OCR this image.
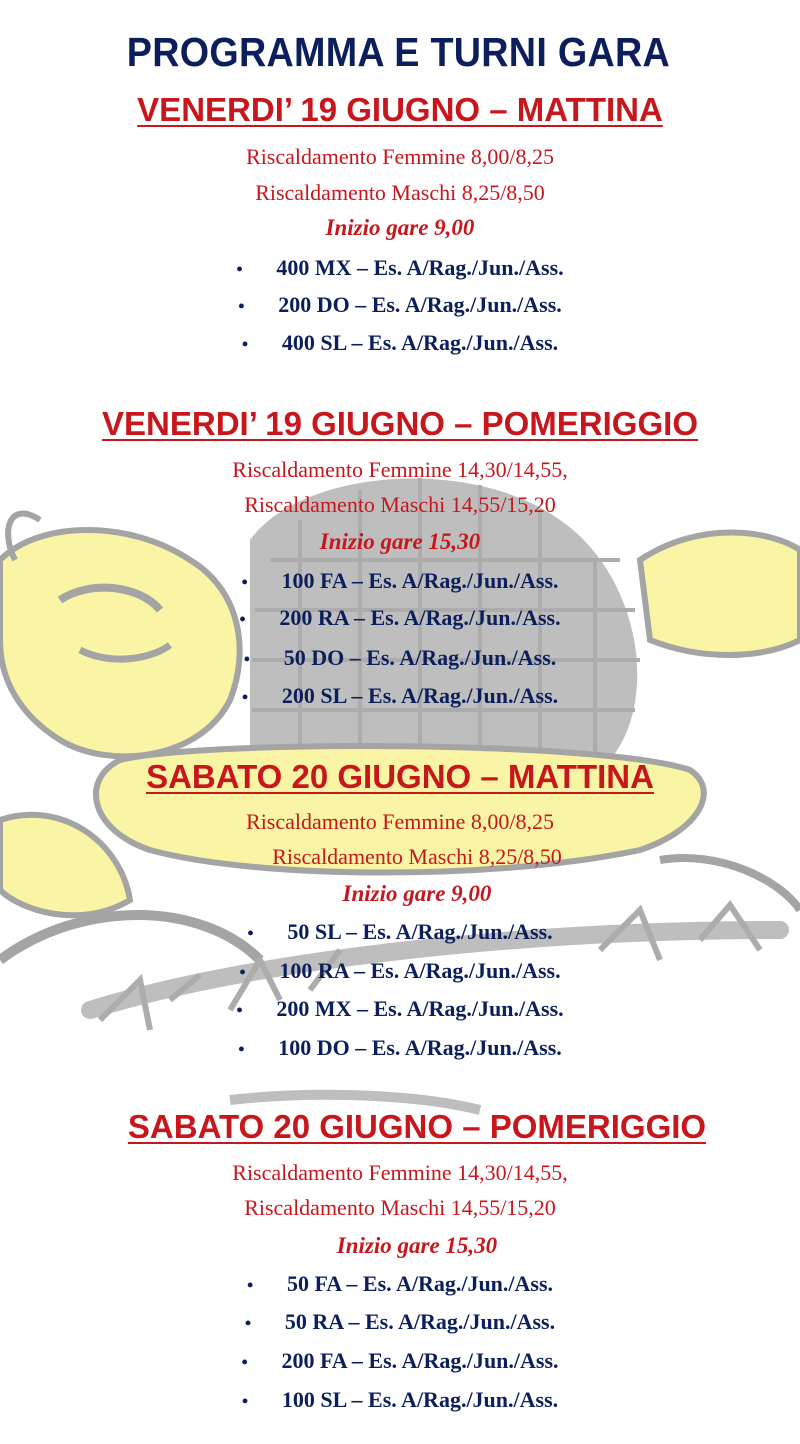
PROGRAMMA E TURNI GARA
VENERDI’ 19 GIUGNO – MATTINA
Riscaldamento Femmine 8,00/8,25
Riscaldamento Maschi 8,25/8,50
Inizio gare 9,00
• 400 MX – Es. A/Rag./Jun./Ass.
• 200 DO – Es. A/Rag./Jun./Ass.
• 400 SL – Es. A/Rag./Jun./Ass.
VENERDI’ 19 GIUGNO – POMERIGGIO
Riscaldamento Femmine 14,30/14,55,
Riscaldamento Maschi 14,55/15,20
Inizio gare 15,30
• 100 FA – Es. A/Rag./Jun./Ass.
• 200 RA – Es. A/Rag./Jun./Ass.
• 50 DO – Es. A/Rag./Jun./Ass.
• 200 SL – Es. A/Rag./Jun./Ass.
SABATO 20 GIUGNO – MATTINA
Riscaldamento Femmine 8,00/8,25
Riscaldamento Maschi 8,25/8,50
Inizio gare 9,00
• 50 SL – Es. A/Rag./Jun./Ass.
• 100 RA – Es. A/Rag./Jun./Ass.
• 200 MX – Es. A/Rag./Jun./Ass.
• 100 DO – Es. A/Rag./Jun./Ass.
SABATO 20 GIUGNO – POMERIGGIO
Riscaldamento Femmine 14,30/14,55,
Riscaldamento Maschi 14,55/15,20
Inizio gare 15,30
• 50 FA – Es. A/Rag./Jun./Ass.
• 50 RA – Es. A/Rag./Jun./Ass.
• 200 FA – Es. A/Rag./Jun./Ass.
• 100 SL – Es. A/Rag./Jun./Ass.
